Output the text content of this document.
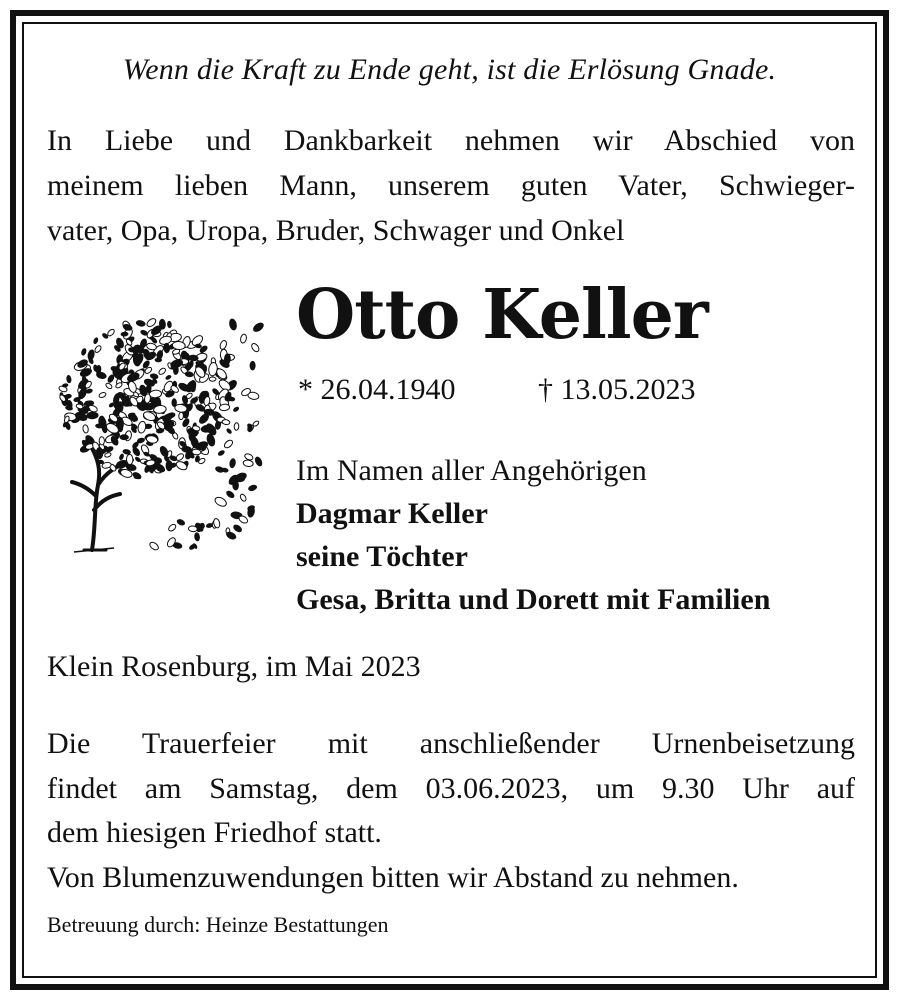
Wenn die Kraft zu Ende geht, ist die Erlösung Gnade.
In Liebe und Dankbarkeit nehmen wir Abschied von
meinem lieben Mann, unserem guten Vater, Schwieger-
vater, Opa, Uropa, Bruder, Schwager und Onkel
Otto Keller
* 26.04.1940	† 13.05.2023
Im Namen aller Angehörigen
Dagmar Keller
seine Töchter
Gesa, Britta und Dorett mit Familien
Klein Rosenburg, im Mai 2023
Die Trauerfeier mit anschließender Urnenbeisetzung
findet am Samstag, dem 03.06.2023, um 9.30 Uhr auf
dem hiesigen Friedhof statt.
Von Blumenzuwendungen bitten wir Abstand zu nehmen.
Betreuung durch: Heinze Bestattungen
